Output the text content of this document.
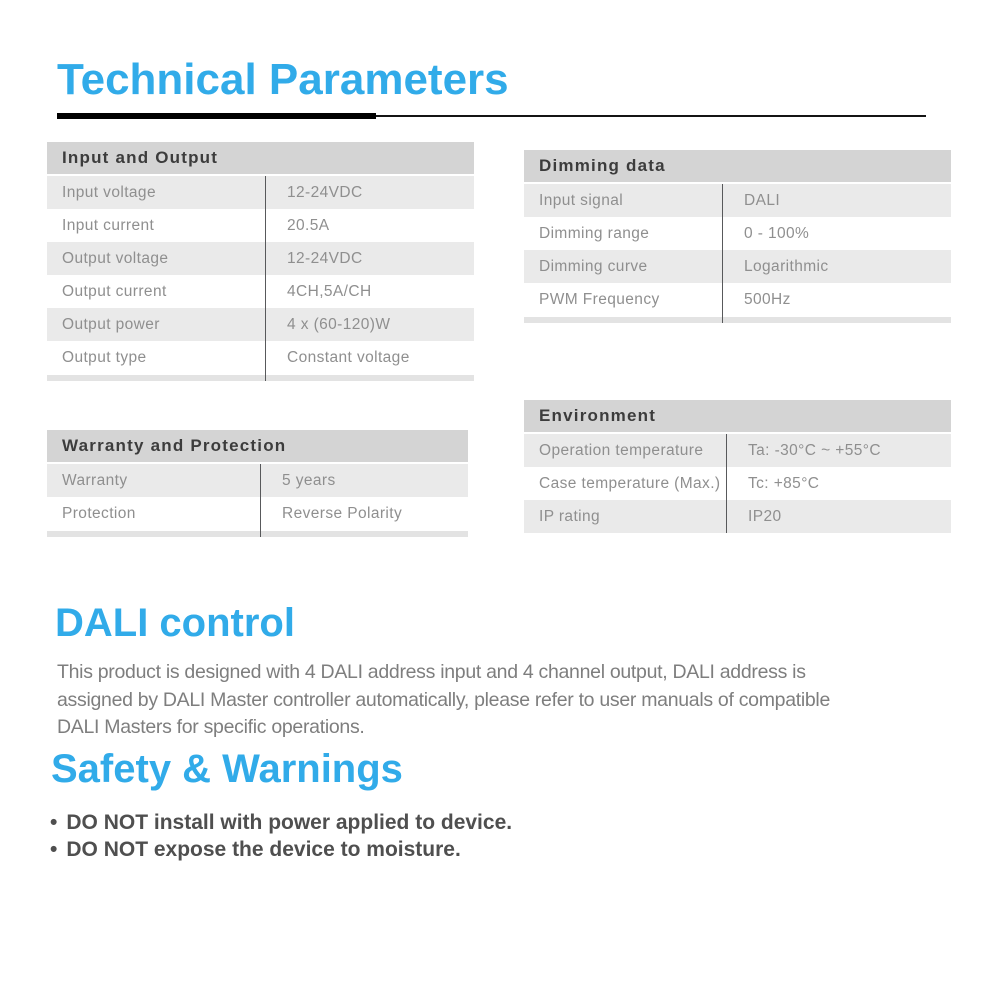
Technical Parameters
Input and Output
Input voltage	12-24VDC
Input current	20.5A
Output voltage	12-24VDC
Output current	4CH,5A/CH
Output power	4 x (60-120)W
Output type	Constant voltage
Dimming data
Input signal	DALI
Dimming range	0 - 100%
Dimming curve	Logarithmic
PWM Frequency	500Hz
Warranty and Protection
Warranty	5 years
Protection	Reverse Polarity
Environment
Operation temperature	Ta: -30°C ~ +55°C
Case temperature (Max.)	Tc: +85°C
IP rating	IP20
DALI control

This product is designed with 4 DALI address input and 4 channel output, DALI address is assigned by DALI Master controller automatically, please refer to user manuals of compatible DALI Masters for specific operations.

Safety & Warnings
• DO NOT install with power applied to device.
• DO NOT expose the device to moisture.
